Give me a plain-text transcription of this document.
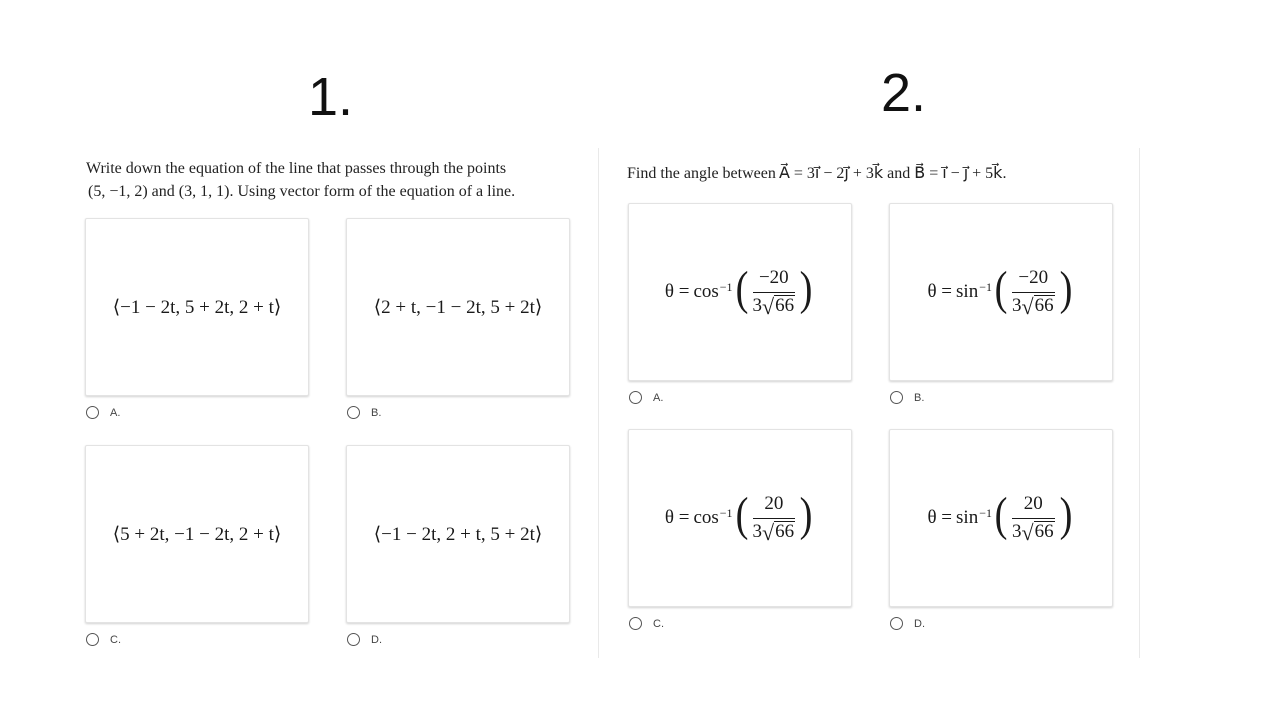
1.	2.
Write down the equation of the line that passes through the points
(5, −1, 2) and (3, 1, 1). Using vector form of the equation of a line.
⟨−1 − 2t, 5 + 2t, 2 + t⟩
A.
⟨2 + t, −1 − 2t, 5 + 2t⟩
B.
⟨5 + 2t, −1 − 2t, 2 + t⟩
C.
⟨−1 − 2t, 2 + t, 5 + 2t⟩
D.
Find the angle between A⃗ = 3i⃗ − 2j⃗ + 3k⃗ and B⃗ = i⃗ − j⃗ + 5k⃗.
$\theta = \cos^{-1}$ ( $\frac{-20}{3 √ 66}$ )
A.
$\theta = \sin^{-1}$ ( $\frac{-20}{3 √ 66}$ )
B.
$\theta = \cos^{-1}$ ( $\frac{20}{3 √ 66}$ )
C.
$\theta = \sin^{-1}$ ( $\frac{20}{3 √ 66}$ )
D.
